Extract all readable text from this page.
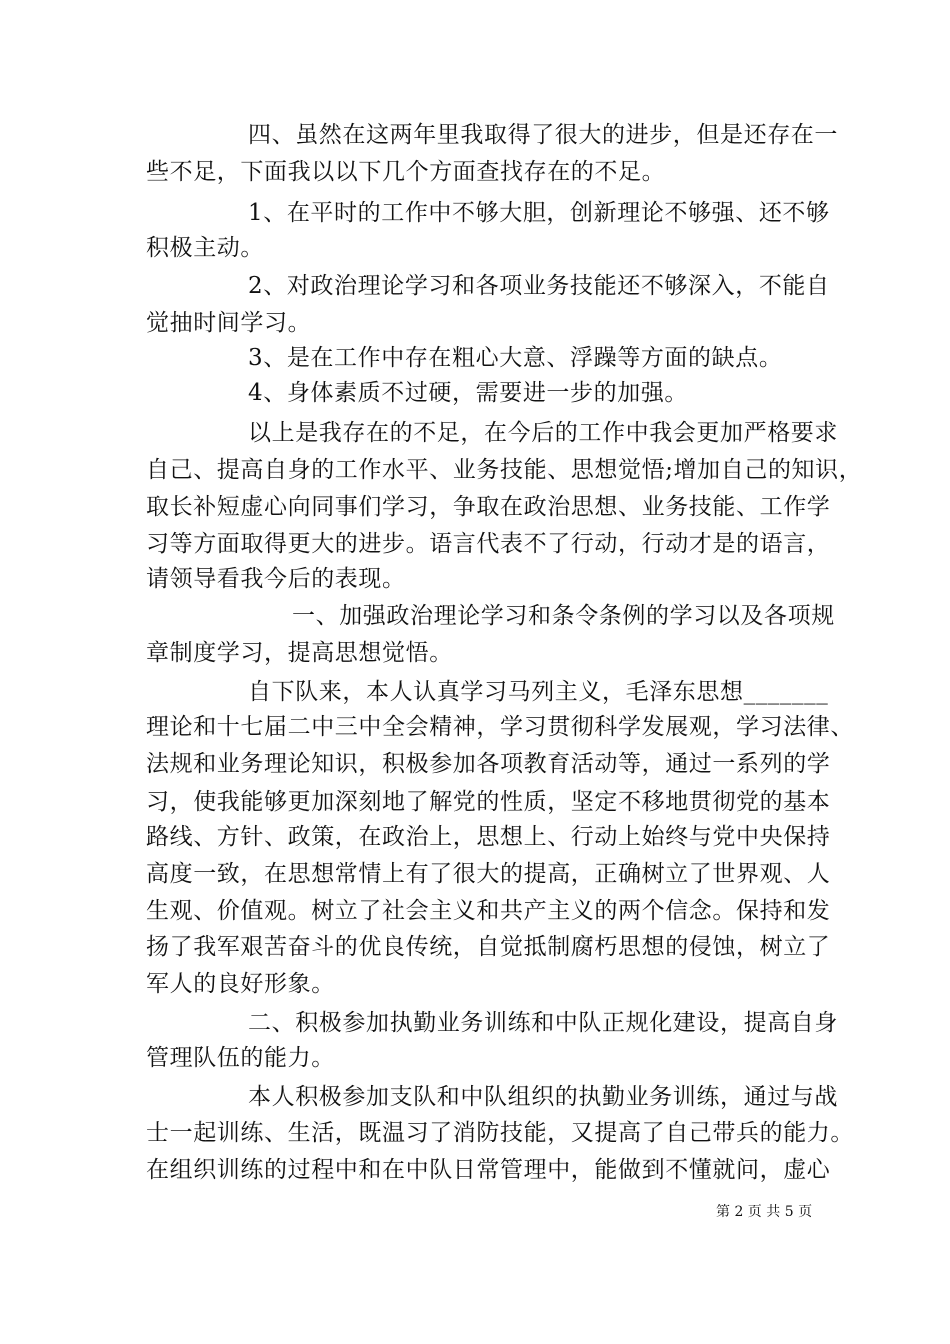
四、虽然在这两年里我取得了很大的进步，但是还存在一
些不足，下面我以以下几个方面查找存在的不足。
1、在平时的工作中不够大胆，创新理论不够强、还不够
积极主动。
2、对政治理论学习和各项业务技能还不够深入，不能自
觉抽时间学习。
3、是在工作中存在粗心大意、浮躁等方面的缺点。
4、身体素质不过硬，需要进一步的加强。
以上是我存在的不足，在今后的工作中我会更加严格要求
自己、提高自身的工作水平、业务技能、思想觉悟;增加自己的知识，
取长补短虚心向同事们学习，争取在政治思想、业务技能、工作学
习等方面取得更大的进步。语言代表不了行动，行动才是的语言，
请领导看我今后的表现。
一、加强政治理论学习和条令条例的学习以及各项规
章制度学习，提高思想觉悟。
自下队来，本人认真学习马列主义，毛泽东思想_______
理论和十七届二中三中全会精神，学习贯彻科学发展观，学习法律、
法规和业务理论知识，积极参加各项教育活动等，通过一系列的学
习，使我能够更加深刻地了解党的性质，坚定不移地贯彻党的基本
路线、方针、政策，在政治上，思想上、行动上始终与党中央保持
高度一致，在思想常情上有了很大的提高，正确树立了世界观、人
生观、价值观。树立了社会主义和共产主义的两个信念。保持和发
扬了我军艰苦奋斗的优良传统，自觉抵制腐朽思想的侵蚀，树立了
军人的良好形象。
二、积极参加执勤业务训练和中队正规化建设，提高自身
管理队伍的能力。
本人积极参加支队和中队组织的执勤业务训练，通过与战
士一起训练、生活，既温习了消防技能，又提高了自己带兵的能力。
在组织训练的过程中和在中队日常管理中，能做到不懂就问，虚心
第 2 页 共 5 页
